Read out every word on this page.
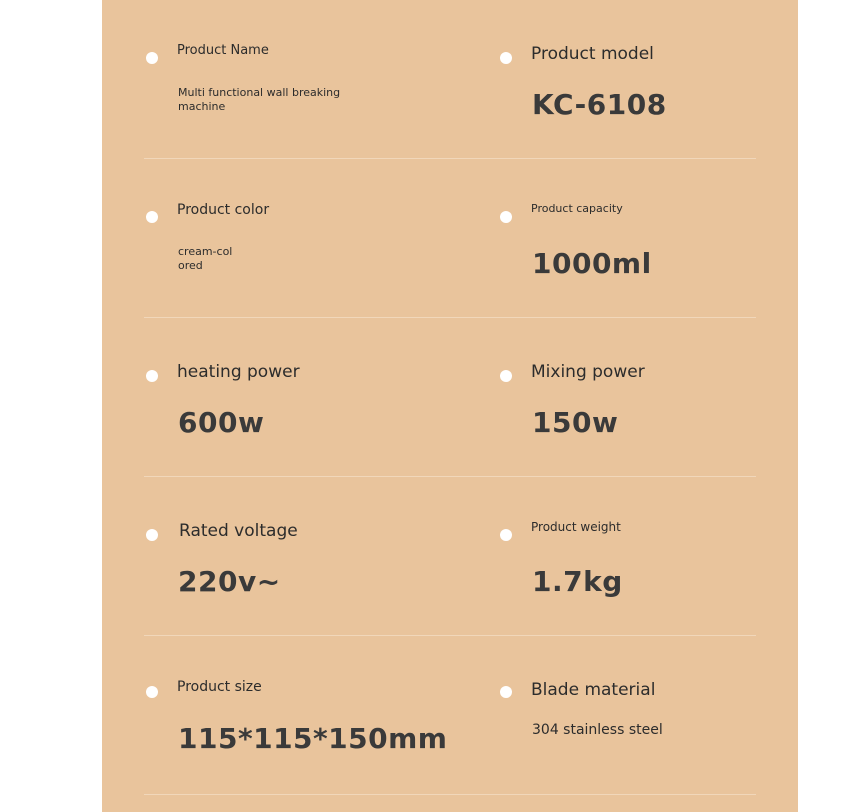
Product Name
Multi functional wall breaking machine
Product model
KC-6108
Product color
cream-col ored
Product capacity
1000ml
heating power
600w
Mixing power
150w
Rated voltage
220v~
Product weight
1.7kg
Product size
115*115*150mm
Blade material
304 stainless steel
